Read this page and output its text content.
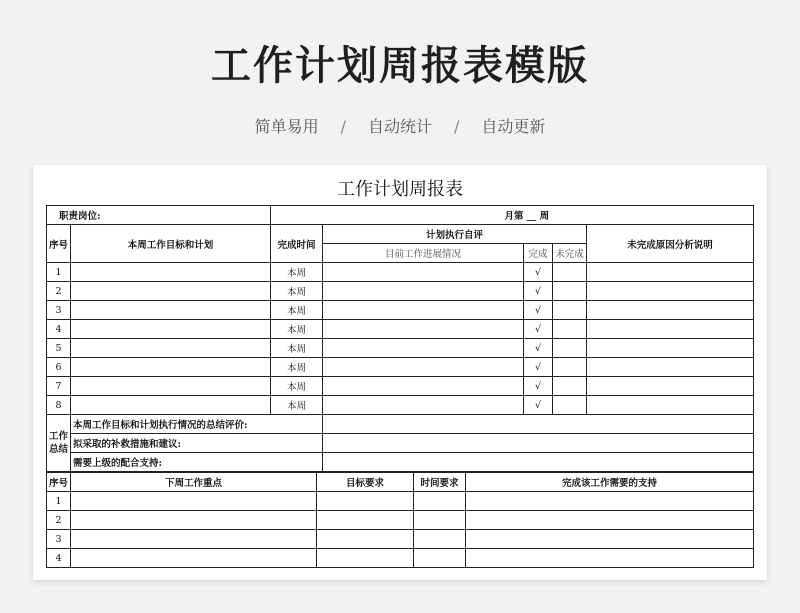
工作计划周报表模版
简单易用 / 自动统计 / 自动更新
工作计划周报表
职责岗位:		月第 __ 周				
序号	本周工作目标和计划	完成时间	计划执行自评			未完成原因分析说明
			目前工作进展情况	完成	未完成	
1		本周		√		
2		本周		√		
3		本周		√		
4		本周		√		
5		本周		√		
6		本周		√		
7		本周		√		
8		本周		√		
工作总结	本周工作目标和计划执行情况的总结评价:					
	拟采取的补救措施和建议:					
	需要上级的配合支持:					
序号	下周工作重点	目标要求	时间要求	完成该工作需要的支持
1				
2				
3				
4				
